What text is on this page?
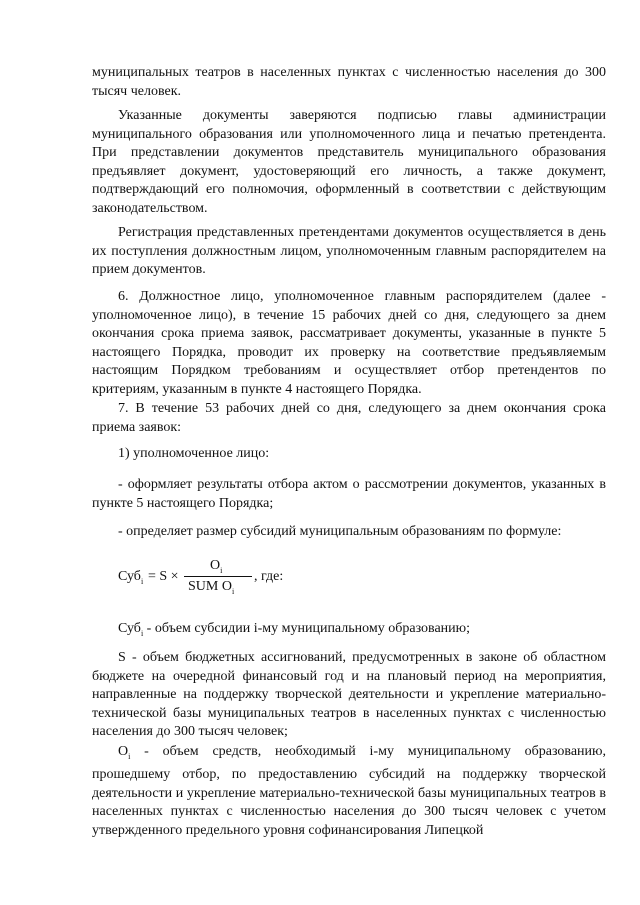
муниципальных театров в населенных пунктах с численностью населения до 300 тысяч человек.

Указанные документы заверяются подписью главы администрации муниципального образования или уполномоченного лица и печатью претендента. При представлении документов представитель муниципального образования предъявляет документ, удостоверяющий его личность, а также документ, подтверждающий его полномочия, оформленный в соответствии с действующим законодательством.

Регистрация представленных претендентами документов осуществляется в день их поступления должностным лицом, уполномоченным главным распорядителем на прием документов.

6. Должностное лицо, уполномоченное главным распорядителем (далее - уполномоченное лицо), в течение 15 рабочих дней со дня, следующего за днем окончания срока приема заявок, рассматривает документы, указанные в пункте 5 настоящего Порядка, проводит их проверку на соответствие предъявляемым настоящим Порядком требованиям и осуществляет отбор претендентов по критериям, указанным в пункте 4 настоящего Порядка.

7. В течение 53 рабочих дней со дня, следующего за днем окончания срока приема заявок:

1) уполномоченное лицо:

- оформляет результаты отбора актом о рассмотрении документов, указанных в пункте 5 настоящего Порядка;

- определяет размер субсидий муниципальным образованиям по формуле:

Суб$_i$ = S ×
$O_i$
SUM $O_i$
, где:

Суб$_i$ - объем субсидии i-му муниципальному образованию;

S - объем бюджетных ассигнований, предусмотренных в законе об областном бюджете на очередной финансовый год и на плановый период на мероприятия, направленные на поддержку творческой деятельности и укрепление материально-технической базы муниципальных театров в населенных пунктах с численностью населения до 300 тысяч человек;

$O_i$ - объем средств, необходимый i-му муниципальному образованию, прошедшему отбор, по предоставлению субсидий на поддержку творческой деятельности и укрепление материально-технической базы муниципальных театров в населенных пунктах с численностью населения до 300 тысяч человек с учетом утвержденного предельного уровня софинансирования Липецкой
